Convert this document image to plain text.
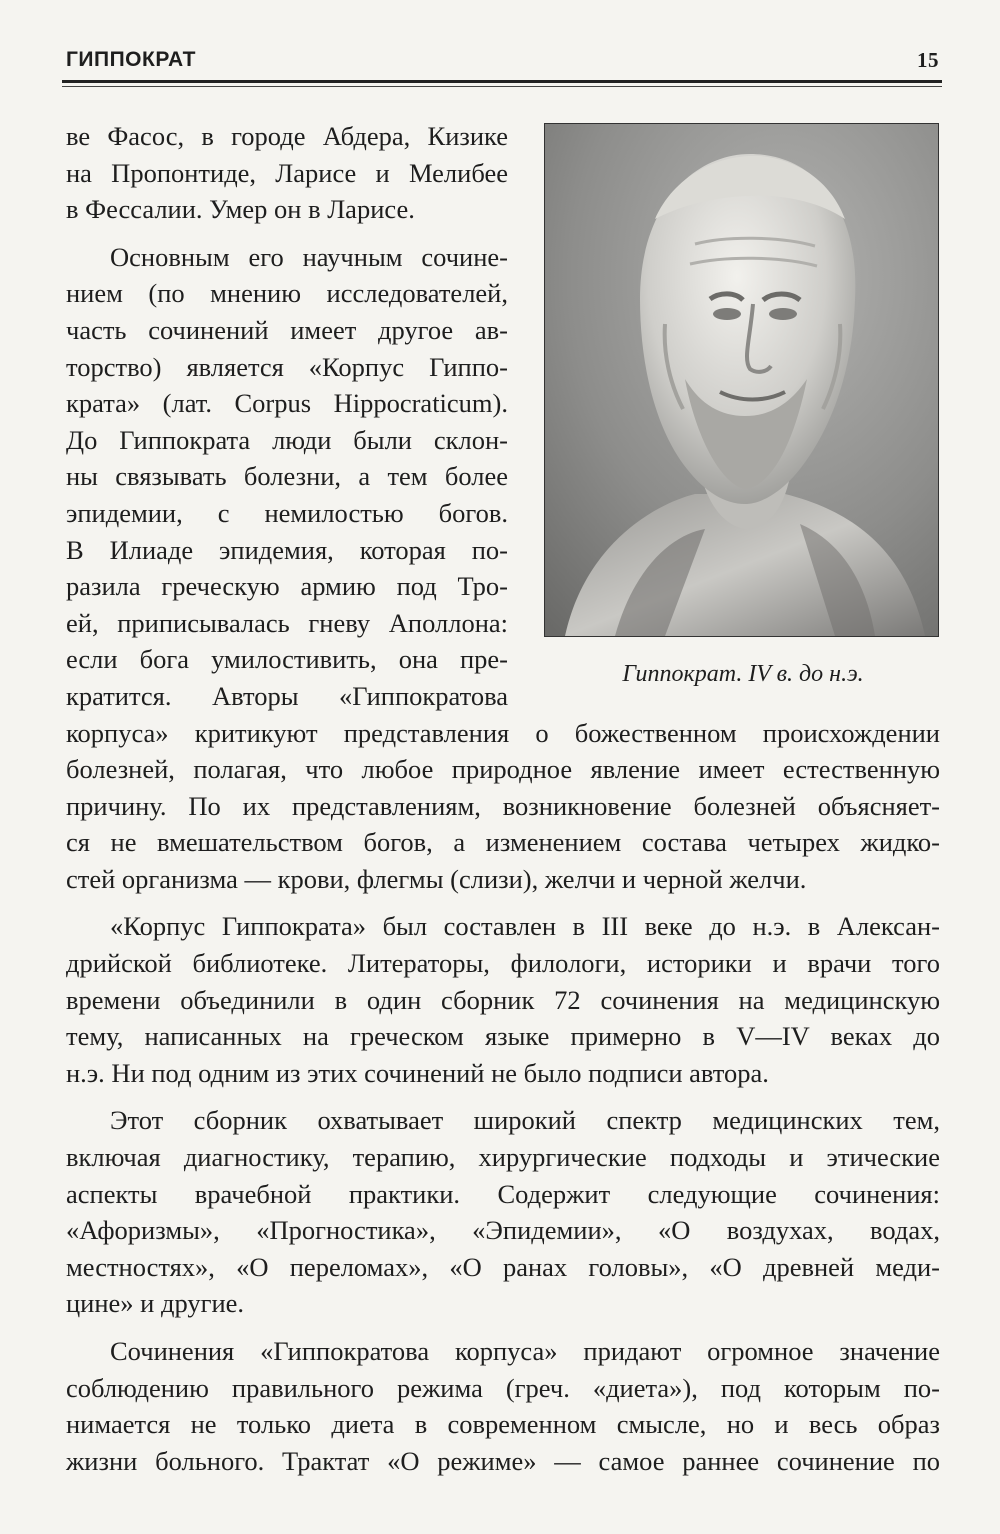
ГИППОКРАТ	15
Гиппократ. IV в. до н.э.
ве Фасос, в городе Абдера, Кизике
на Пропонтиде, Ларисе и Мелибее
в Фессалии. Умер он в Ларисе.
Основным его научным сочине-
нием (по мнению исследователей,
часть сочинений имеет другое ав-
торство) является «Корпус Гиппо-
крата» (лат. Corpus Hippocraticum).
До Гиппократа люди были склон-
ны связывать болезни, а тем более
эпидемии, с немилостью богов.
В Илиаде эпидемия, которая по-
разила греческую армию под Тро-
ей, приписывалась гневу Аполлона:
если бога умилостивить, она пре-
кратится. Авторы «Гиппократова
корпуса» критикуют представления о божественном происхождении
болезней, полагая, что любое природное явление имеет естественную
причину. По их представлениям, возникновение болезней объясняет-
ся не вмешательством богов, а изменением состава четырех жидко-
стей организма — крови, флегмы (слизи), желчи и черной желчи.
«Корпус Гиппократа» был составлен в III веке до н.э. в Алексан-
дрийской библиотеке. Литераторы, филологи, историки и врачи того
времени объединили в один сборник 72 сочинения на медицинскую
тему, написанных на греческом языке примерно в V—IV веках до
н.э. Ни под одним из этих сочинений не было подписи автора.
Этот сборник охватывает широкий спектр медицинских тем,
включая диагностику, терапию, хирургические подходы и этические
аспекты врачебной практики. Содержит следующие сочинения:
«Афоризмы», «Прогностика», «Эпидемии», «О воздухах, водах,
местностях», «О переломах», «О ранах головы», «О древней меди-
цине» и другие.
Сочинения «Гиппократова корпуса» придают огромное значение
соблюдению правильного режима (греч. «диета»), под которым по-
нимается не только диета в современном смысле, но и весь образ
жизни больного. Трактат «О режиме» — самое раннее сочинение по
